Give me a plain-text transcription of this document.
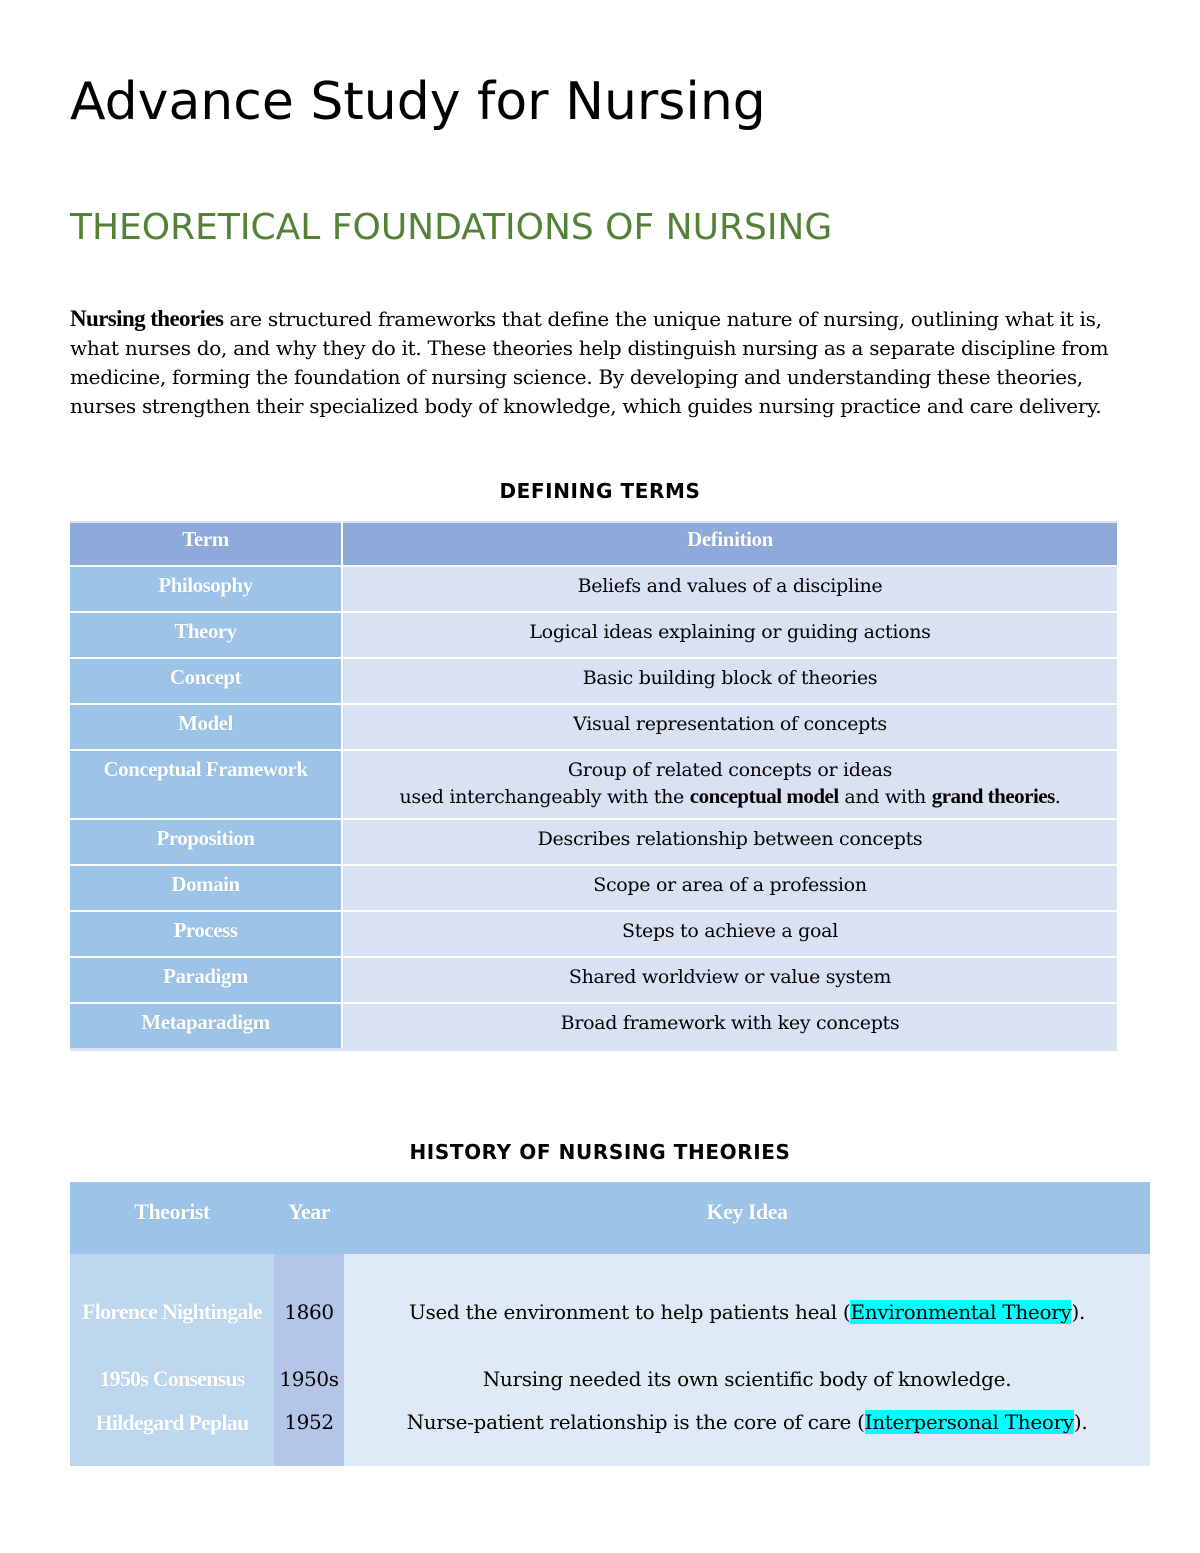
Advance Study for Nursing
THEORETICAL FOUNDATIONS OF NURSING

Nursing theories are structured frameworks that define the unique nature of nursing, outlining what it is, what nurses do, and why they do it. These theories help distinguish nursing as a separate discipline from medicine, forming the foundation of nursing science. By developing and understanding these theories, nurses strengthen their specialized body of knowledge, which guides nursing practice and care delivery.

DEFINING TERMS

Term	Definition
Philosophy	Beliefs and values of a discipline
Theory	Logical ideas explaining or guiding actions
Concept	Basic building block of theories
Model	Visual representation of concepts
Conceptual Framework	Group of related concepts or ideas
used interchangeably with the conceptual model and with grand theories.
Proposition	Describes relationship between concepts
Domain	Scope or area of a profession
Process	Steps to achieve a goal
Paradigm	Shared worldview or value system
Metaparadigm	Broad framework with key concepts

HISTORY OF NURSING THEORIES

Theorist	Year	Key Idea
Florence Nightingale	1860	Used the environment to help patients heal (Environmental Theory).
1950s Consensus	1950s	Nursing needed its own scientific body of knowledge.
Hildegard Peplau	1952	Nurse-patient relationship is the core of care (Interpersonal Theory).
